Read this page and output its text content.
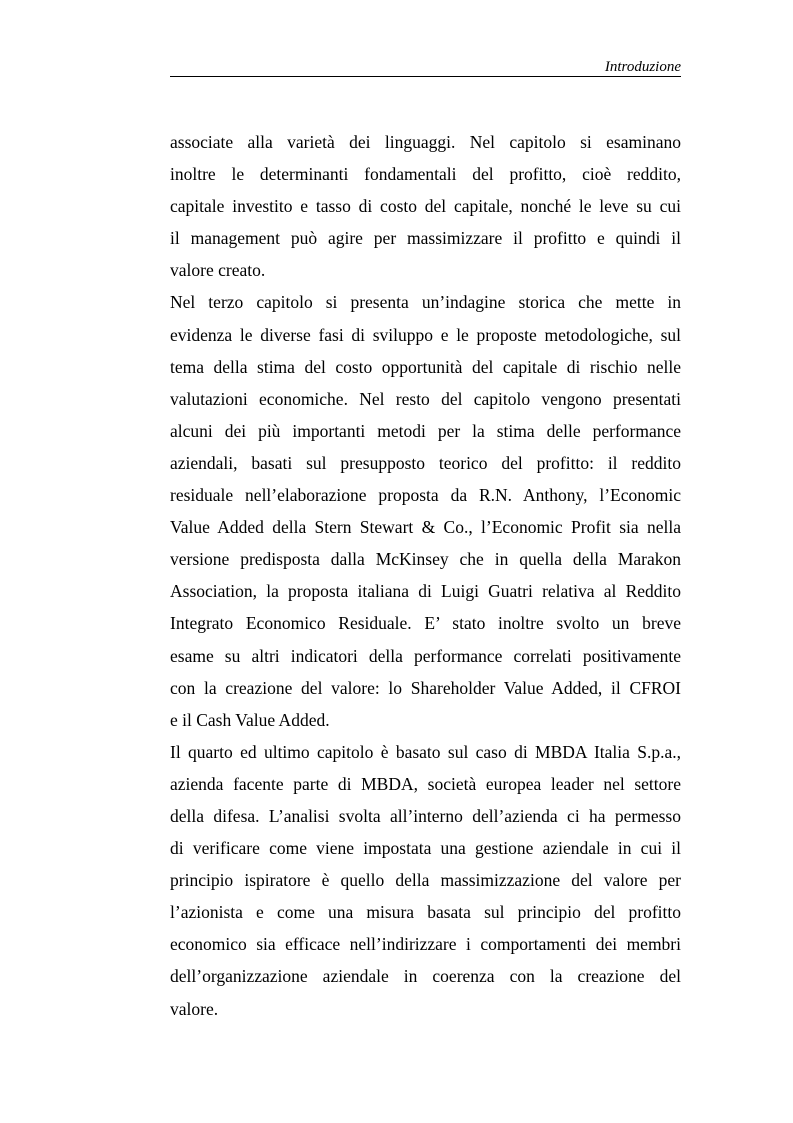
Introduzione

associate alla varietà dei linguaggi. Nel capitolo si esaminano
inoltre le determinanti fondamentali del profitto, cioè reddito,
capitale investito e tasso di costo del capitale, nonché le leve su cui
il management può agire per massimizzare il profitto e quindi il
valore creato.

Nel terzo capitolo si presenta un’indagine storica che mette in
evidenza le diverse fasi di sviluppo e le proposte metodologiche, sul
tema della stima del costo opportunità del capitale di rischio nelle
valutazioni economiche. Nel resto del capitolo vengono presentati
alcuni dei più importanti metodi per la stima delle performance
aziendali, basati sul presupposto teorico del profitto: il reddito
residuale nell’elaborazione proposta da R.N. Anthony, l’Economic
Value Added della Stern Stewart & Co., l’Economic Profit sia nella
versione predisposta dalla McKinsey che in quella della Marakon
Association, la proposta italiana di Luigi Guatri relativa al Reddito
Integrato Economico Residuale. E’ stato inoltre svolto un breve
esame su altri indicatori della performance correlati positivamente
con la creazione del valore: lo Shareholder Value Added, il CFROI
e il Cash Value Added.

Il quarto ed ultimo capitolo è basato sul caso di MBDA Italia S.p.a.,
azienda facente parte di MBDA, società europea leader nel settore
della difesa. L’analisi svolta all’interno dell’azienda ci ha permesso
di verificare come viene impostata una gestione aziendale in cui il
principio ispiratore è quello della massimizzazione del valore per
l’azionista e come una misura basata sul principio del profitto
economico sia efficace nell’indirizzare i comportamenti dei membri
dell’organizzazione aziendale in coerenza con la creazione del
valore.
